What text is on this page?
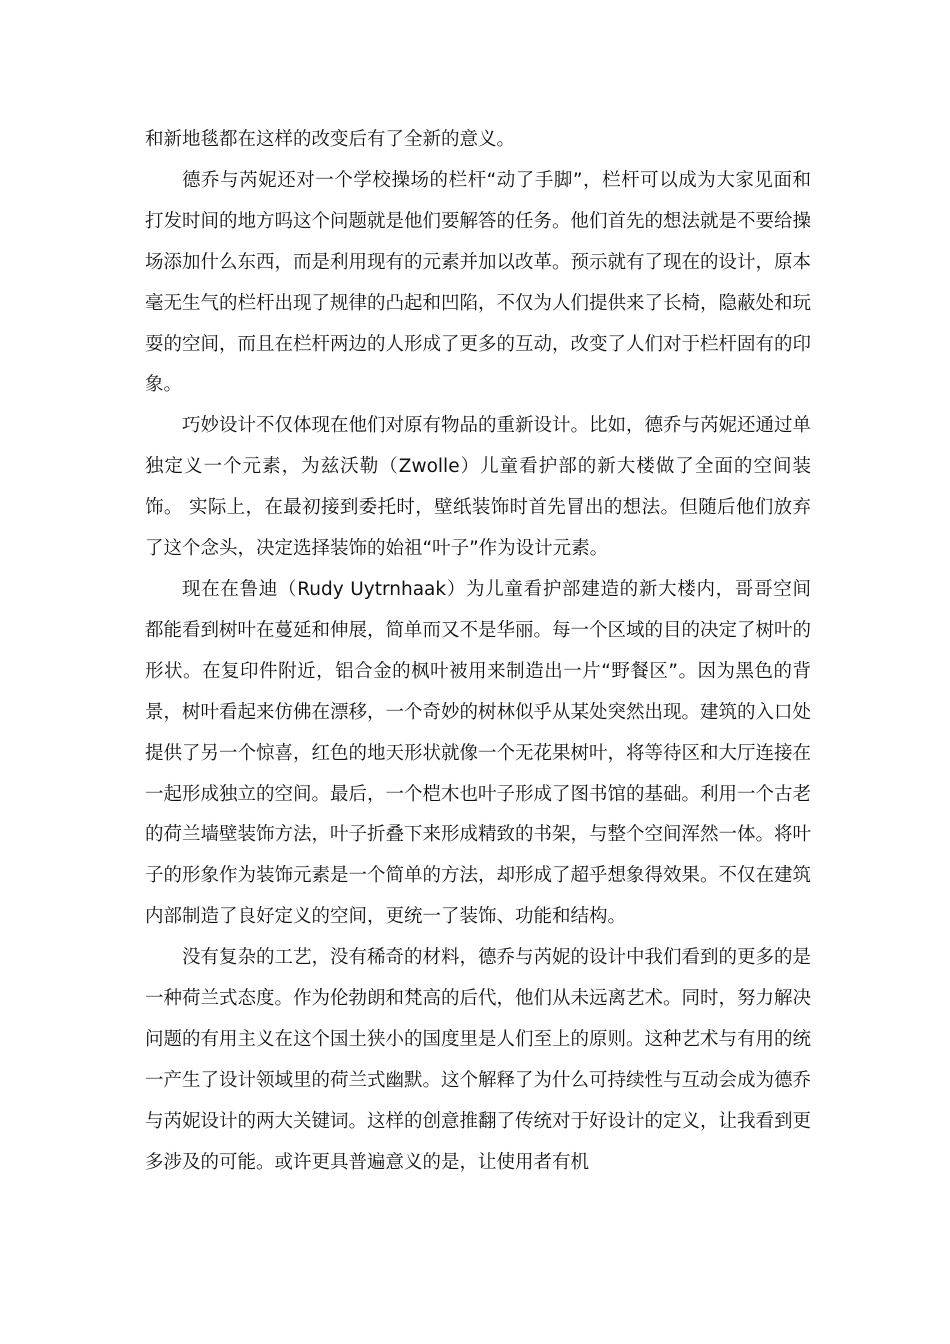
和新地毯都在这样的改变后有了全新的意义。

德乔与芮妮还对一个学校操场的栏杆“动了手脚”，栏杆可以成为大家见面和打发时间的地方吗这个问题就是他们要解答的任务。他们首先的想法就是不要给操场添加什么东西，而是利用现有的元素并加以改革。预示就有了现在的设计，原本毫无生气的栏杆出现了规律的凸起和凹陷，不仅为人们提供来了长椅，隐蔽处和玩耍的空间，而且在栏杆两边的人形成了更多的互动，改变了人们对于栏杆固有的印象。

巧妙设计不仅体现在他们对原有物品的重新设计。比如，德乔与芮妮还通过单独定义一个元素，为兹沃勒（Zwolle）儿童看护部的新大楼做了全面的空间装饰。 实际上，在最初接到委托时，壁纸装饰时首先冒出的想法。但随后他们放弃了这个念头，决定选择装饰的始祖“叶子”作为设计元素。

现在在鲁迪（Rudy Uytrnhaak）为儿童看护部建造的新大楼内，哥哥空间都能看到树叶在蔓延和伸展，简单而又不是华丽。每一个区域的目的决定了树叶的形状。在复印件附近，铝合金的枫叶被用来制造出一片“野餐区”。因为黑色的背景，树叶看起来仿佛在漂移，一个奇妙的树林似乎从某处突然出现。建筑的入口处提供了另一个惊喜，红色的地天形状就像一个无花果树叶，将等待区和大厅连接在一起形成独立的空间。最后，一个桤木也叶子形成了图书馆的基础。利用一个古老的荷兰墙壁装饰方法，叶子折叠下来形成精致的书架，与整个空间浑然一体。将叶子的形象作为装饰元素是一个简单的方法，却形成了超乎想象得效果。不仅在建筑内部制造了良好定义的空间，更统一了装饰、功能和结构。

没有复杂的工艺，没有稀奇的材料，德乔与芮妮的设计中我们看到的更多的是一种荷兰式态度。作为伦勃朗和梵高的后代，他们从未远离艺术。同时，努力解决问题的有用主义在这个国土狭小的国度里是人们至上的原则。这种艺术与有用的统一产生了设计领域里的荷兰式幽默。这个解释了为什么可持续性与互动会成为德乔与芮妮设计的两大关键词。这样的创意推翻了传统对于好设计的定义，让我看到更多涉及的可能。或许更具普遍意义的是，让使用者有机
